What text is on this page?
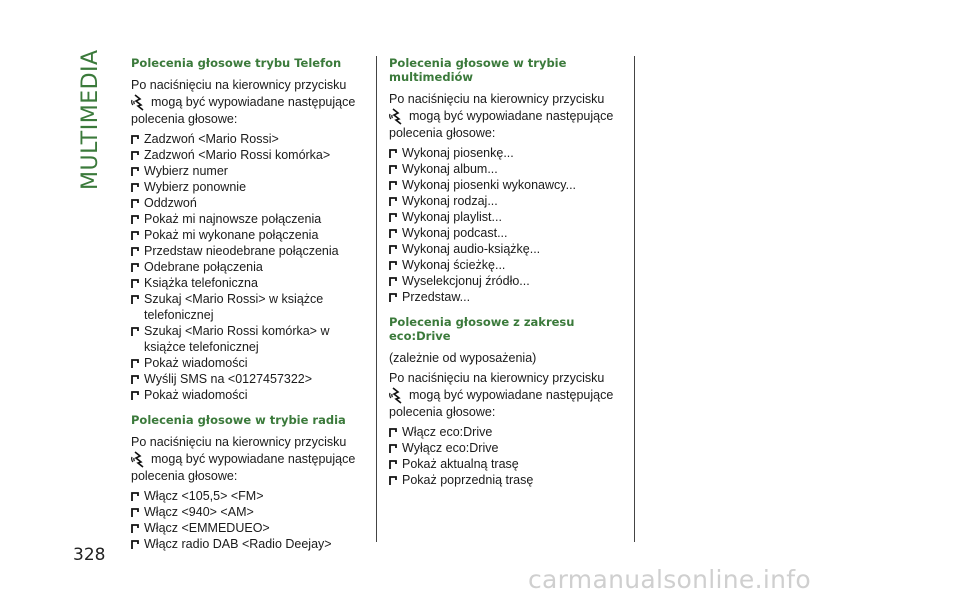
MULTIMEDIA Polecenia głosowe trybu Telefon

Po naciśnięciu na kierownicy przycisku
mogą być wypowiadane następujące polecenia głosowe:

Zadzwoń <Mario Rossi>
Zadzwoń <Mario Rossi komórka>
Wybierz numer
Wybierz ponownie
Oddzwoń
Pokaż mi najnowsze połączenia
Pokaż mi wykonane połączenia
Przedstaw nieodebrane połączenia
Odebrane połączenia
Książka telefoniczna
Szukaj <Mario Rossi> w książce telefonicznej
Szukaj <Mario Rossi komórka> w książce telefonicznej
Pokaż wiadomości
Wyślij SMS na <0127457322>
Pokaż wiadomości
Polecenia głosowe w trybie radia

Po naciśnięciu na kierownicy przycisku
mogą być wypowiadane następujące polecenia głosowe:

Włącz <105,5> <FM>
Włącz <940> <AM>
Włącz <EMMEDUEO>
Włącz radio DAB <Radio Deejay>
Polecenia głosowe w trybie multimediów

Po naciśnięciu na kierownicy przycisku
mogą być wypowiadane następujące polecenia głosowe:

Wykonaj piosenkę...
Wykonaj album...
Wykonaj piosenki wykonawcy...
Wykonaj rodzaj...
Wykonaj playlist...
Wykonaj podcast...
Wykonaj audio-książkę...
Wykonaj ścieżkę...
Wyselekcjonuj źródło...
Przedstaw...
Polecenia głosowe z zakresu eco:Drive

(zależnie od wyposażenia)

Po naciśnięciu na kierownicy przycisku
mogą być wypowiadane następujące polecenia głosowe:

Włącz eco:Drive
Wyłącz eco:Drive
Pokaż aktualną trasę
Pokaż poprzednią trasę
328
carmanualsonline.info
